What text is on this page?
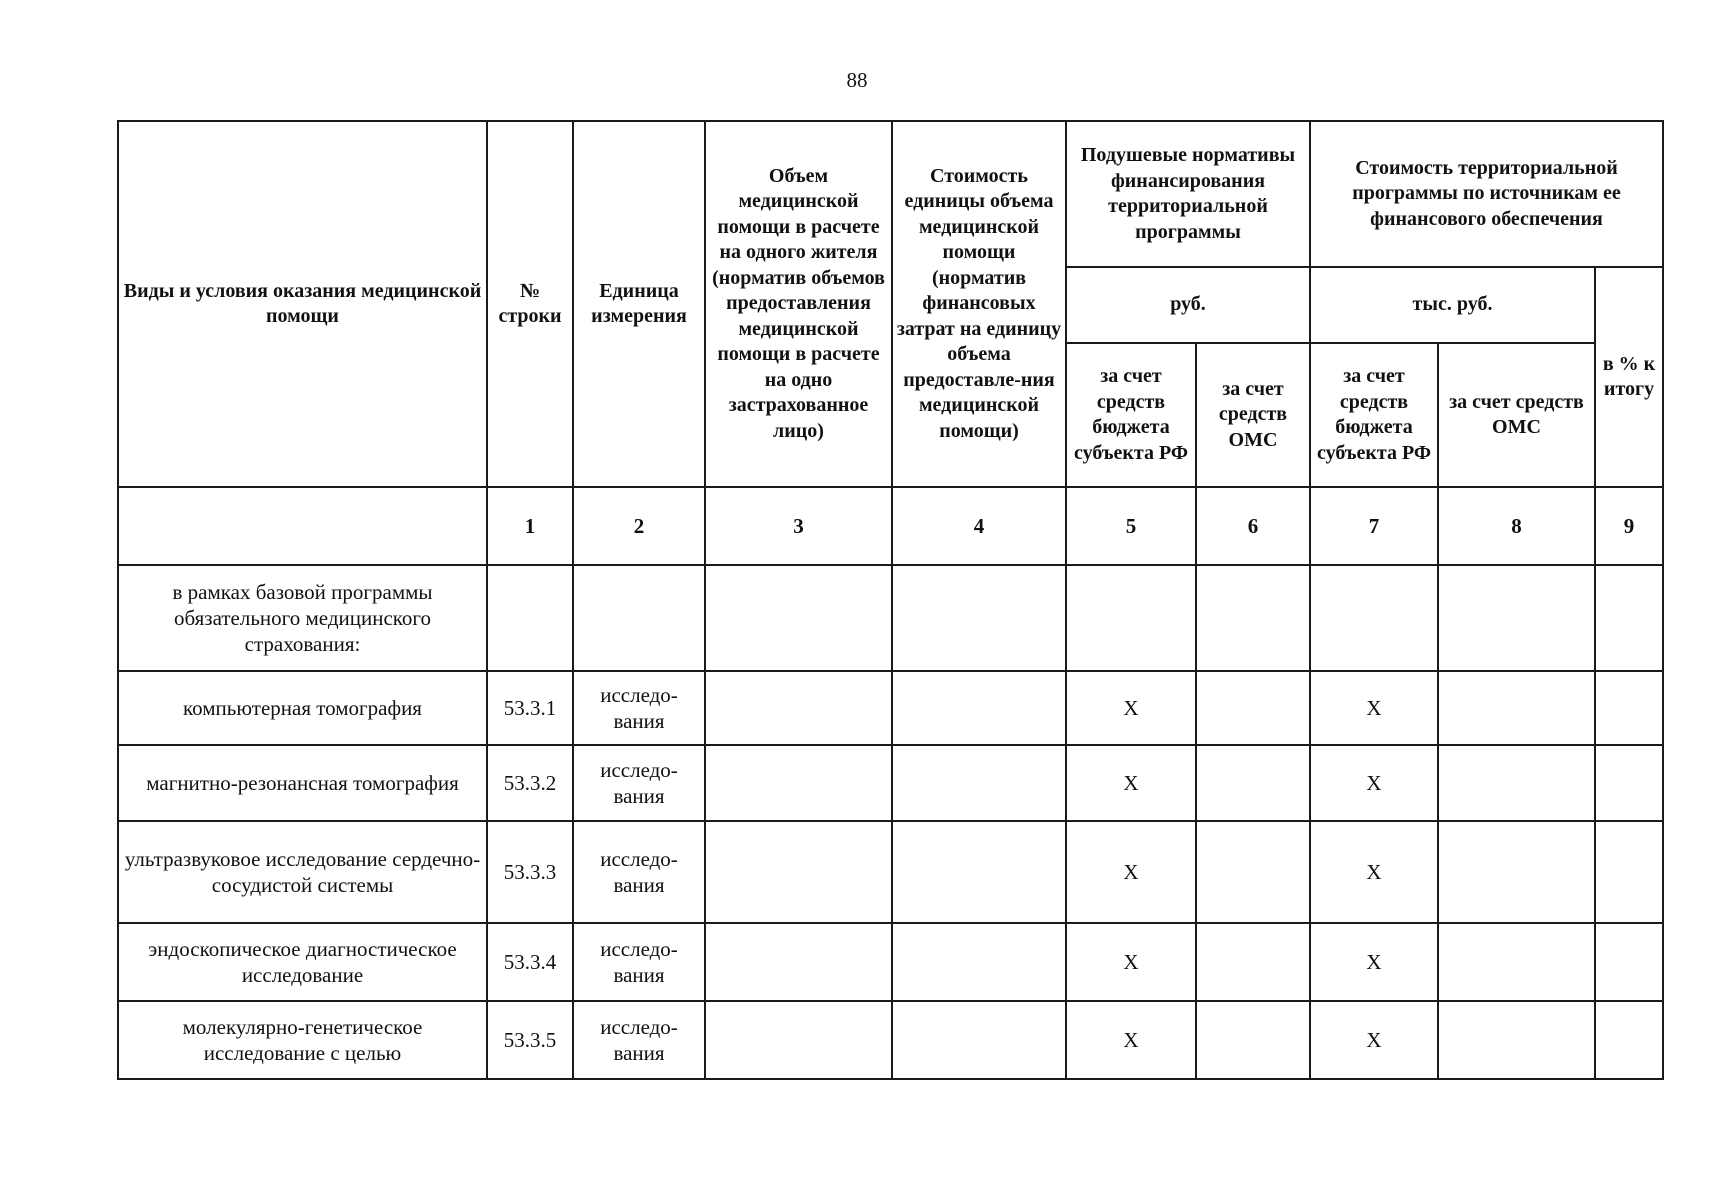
88
Виды и условия оказания медицинской помощи	№ строки	Единица измерения	Объем медицинской помощи в расчете на одного жителя (норматив объемов предоставления медицинской помощи в расчете на одно застрахованное лицо)	Стоимость единицы объема медицинской помощи (норматив финансовых затрат на единицу объема предоставле-ния медицинской помощи)	Подушевые нормативы финансирования территориальной программы		Стоимость территориальной программы по источникам ее финансового обеспечения		
					руб.		тыс. руб.		в % к итогу
					за счет средств бюджета субъекта РФ	за счет средств ОМС	за счет средств бюджета субъекта РФ	за счет средств ОМС	
	1	2	3	4	5	6	7	8	9
в рамках базовой программы обязательного медицинского страхования:									
компьютерная томография	53.3.1	исследо-вания			Х		Х		
магнитно-резонансная томография	53.3.2	исследо-вания			Х		Х		
ультразвуковое исследование сердечно-сосудистой системы	53.3.3	исследо-вания			Х		Х		
эндоскопическое диагностическое исследование	53.3.4	исследо-вания			Х		Х		
молекулярно-генетическое исследование с целью	53.3.5	исследо-вания			Х		Х		
